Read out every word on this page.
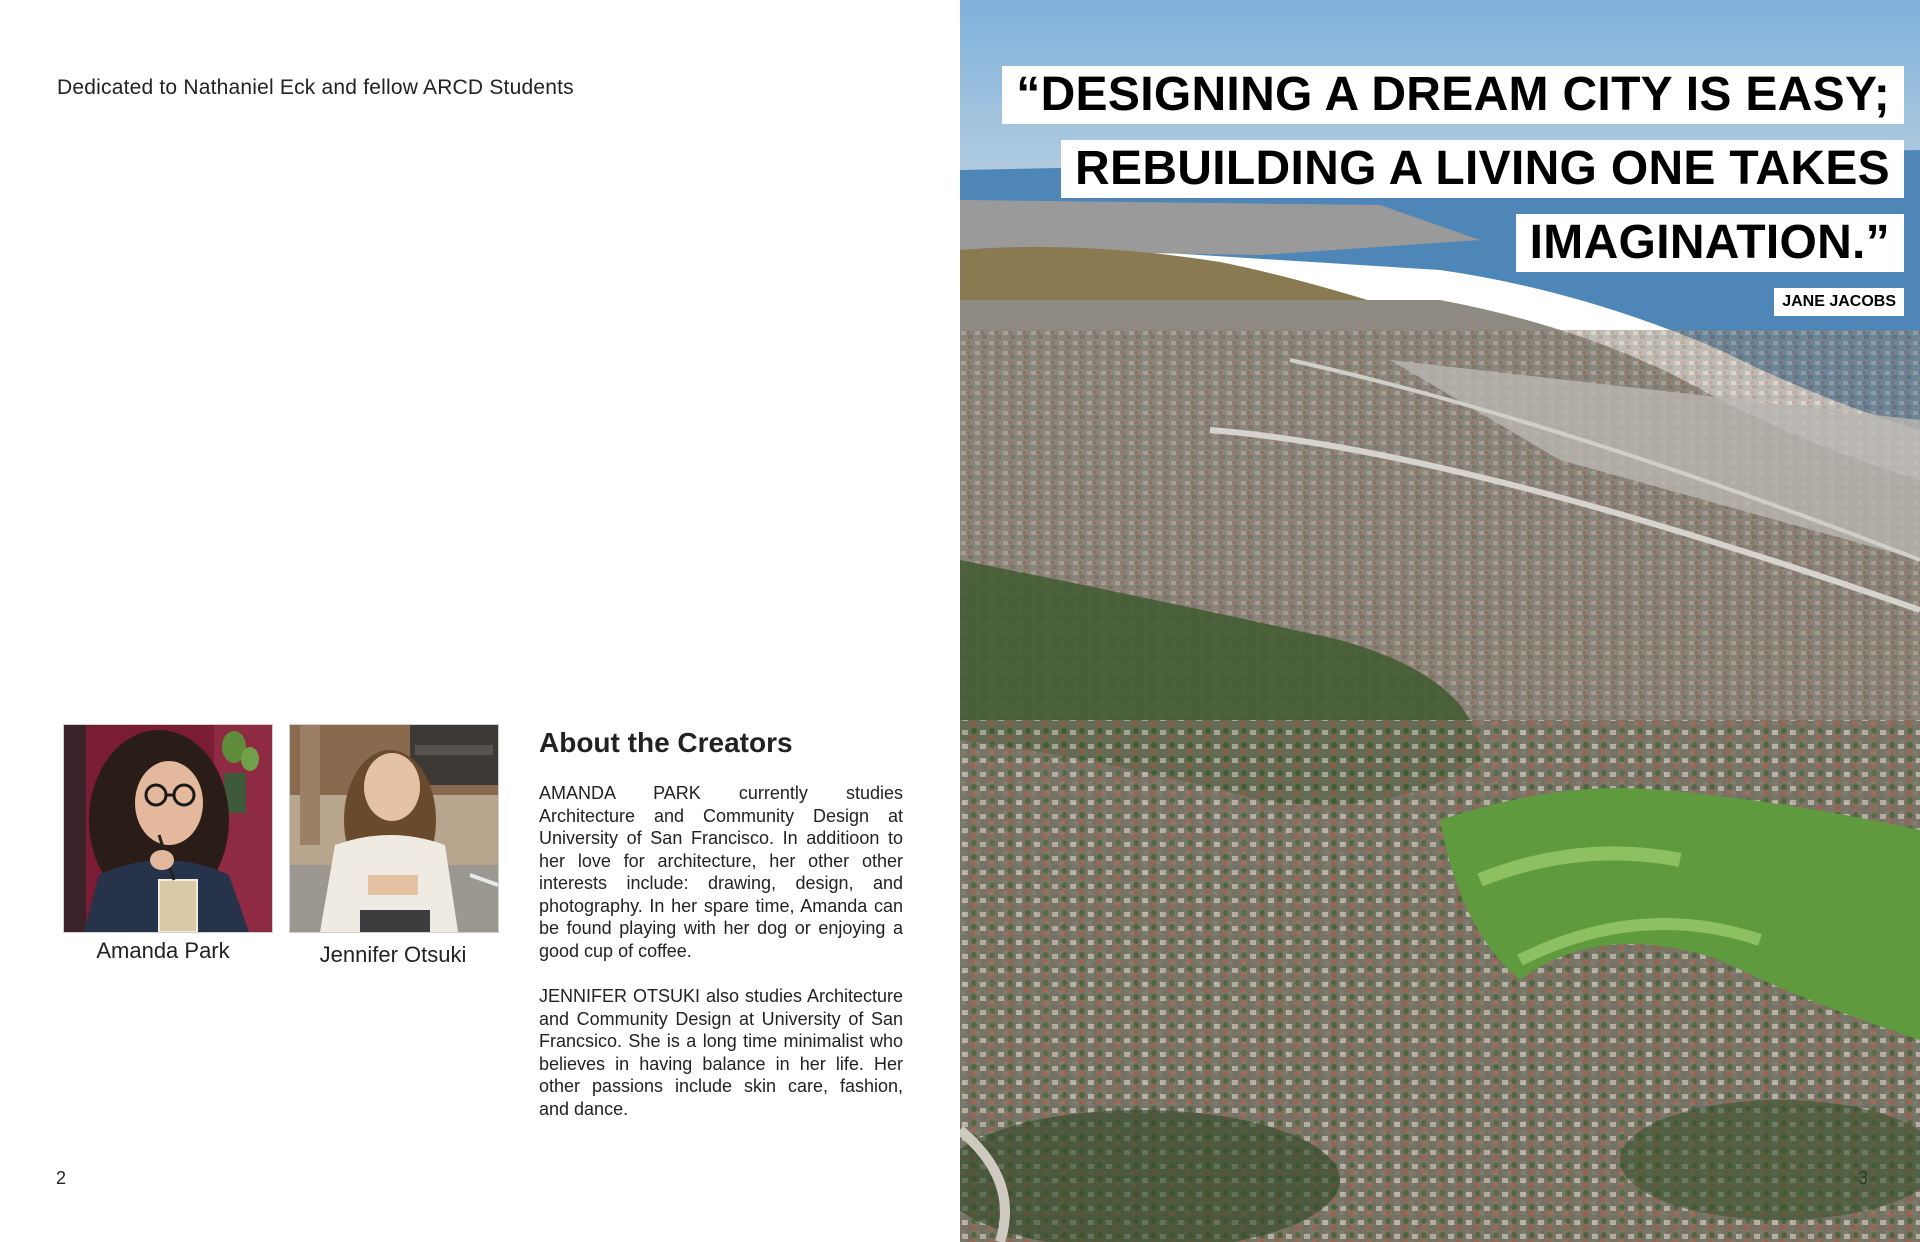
Dedicated to Nathaniel Eck and fellow ARCD Students
Amanda Park	Jennifer Otsuki
About the Creators
AMANDA PARK currently studies Architecture and Community Design at University of San Francisco. In additioon to her love for architecture, her other other interests include: drawing, design, and photography. In her spare time, Amanda can be found playing with her dog or enjoying a good cup of coffee.
JENNIFER OTSUKI also studies Architecture and Community Design at University of San Francsico. She is a long time minimalist who believes in having balance in her life. Her other passions include skin care, fashion, and dance.
2
“DESIGNING A DREAM CITY IS EASY;
REBUILDING A LIVING ONE TAKES
IMAGINATION.”
JANE JACOBS
3
